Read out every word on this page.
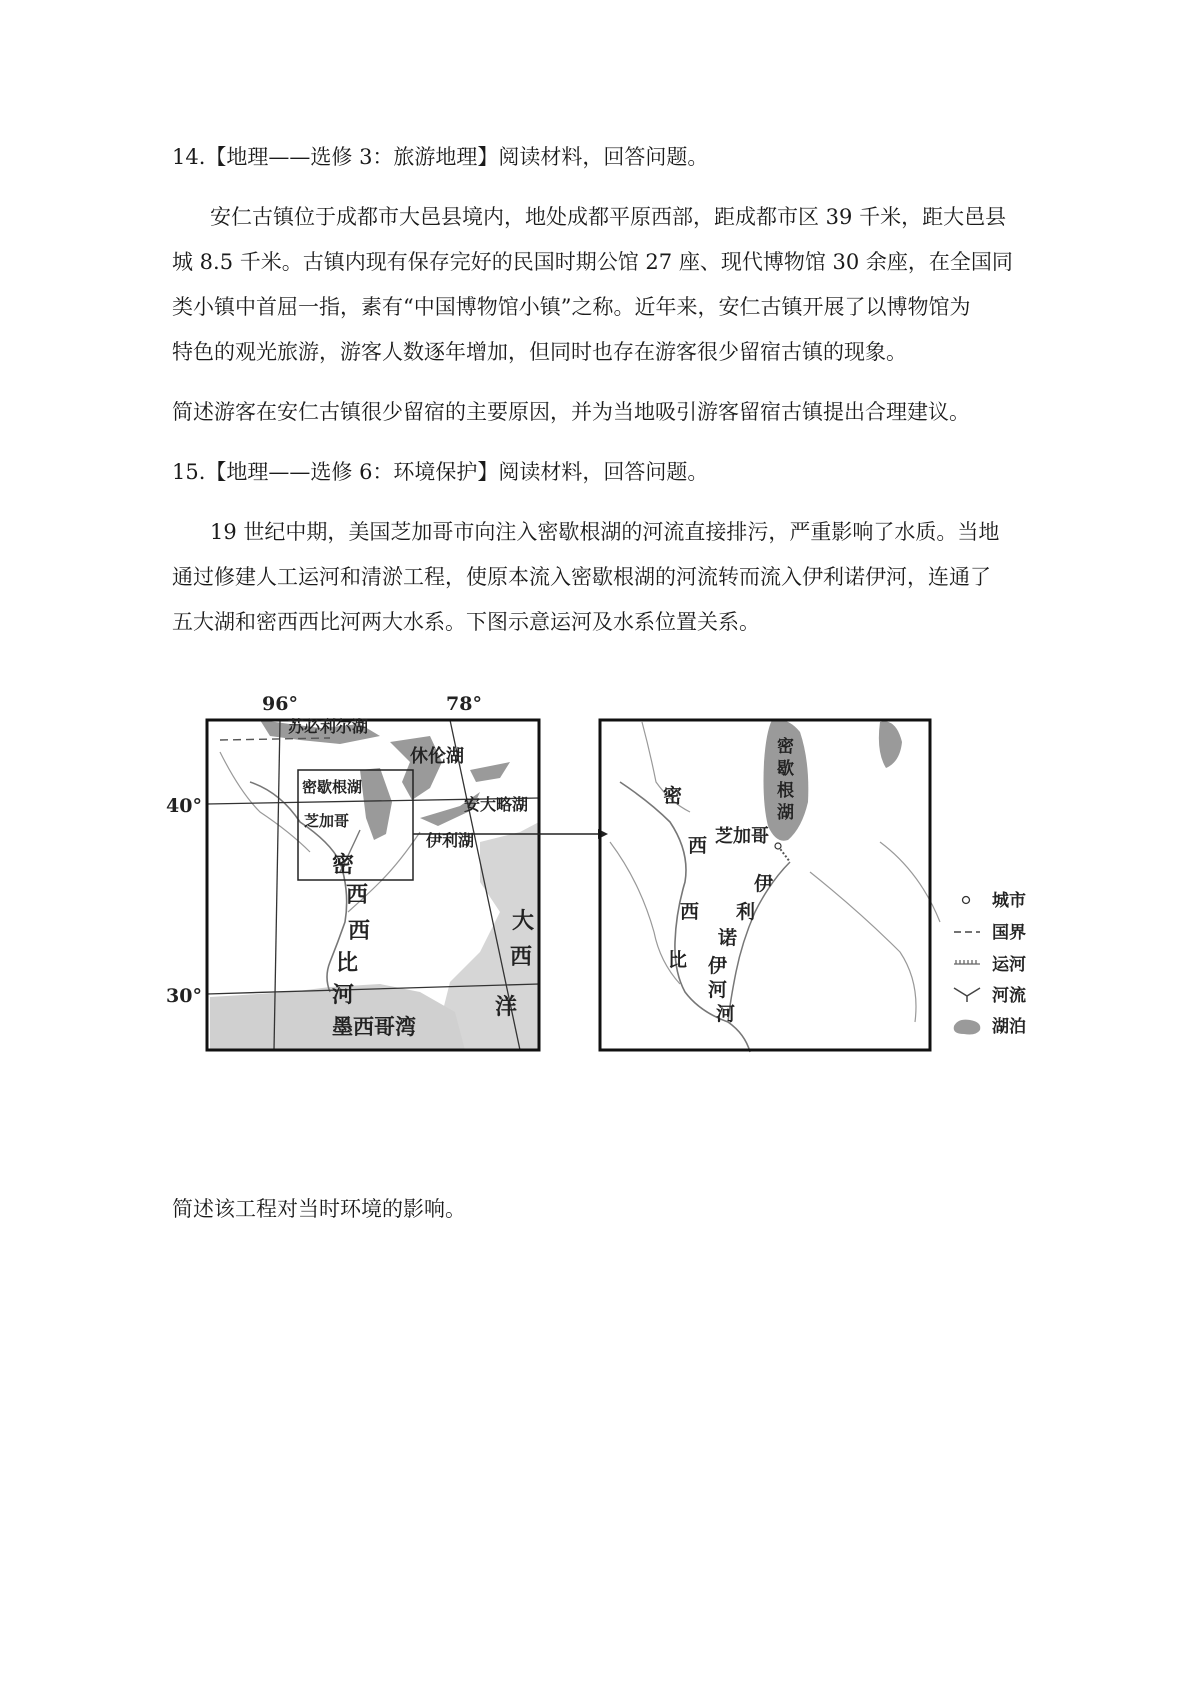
14.【地理——选修 3：旅游地理】阅读材料，回答问题。
安仁古镇位于成都市大邑县境内，地处成都平原西部，距成都市区 39 千米，距大邑县
城 8.5 千米。古镇内现有保存完好的民国时期公馆 27 座、现代博物馆 30 余座，在全国同
类小镇中首屈一指，素有“中国博物馆小镇”之称。近年来，安仁古镇开展了以博物馆为
特色的观光旅游，游客人数逐年增加，但同时也存在游客很少留宿古镇的现象。
简述游客在安仁古镇很少留宿的主要原因，并为当地吸引游客留宿古镇提出合理建议。
15.【地理——选修 6：环境保护】阅读材料，回答问题。
19 世纪中期，美国芝加哥市向注入密歇根湖的河流直接排污，严重影响了水质。当地
通过修建人工运河和清淤工程，使原本流入密歇根湖的河流转而流入伊利诺伊河，连通了
五大湖和密西西比河两大水系。下图示意运河及水系位置关系。
96°	78°
40°
30°
苏必利尔湖
休伦湖
密歇根湖
安大略湖
伊利湖
芝加哥
密
西
西
比
河
大
西
洋
墨西哥湾
密
歇
根
湖
芝加哥
密
西
西
比
伊
利
诺
伊
河
河
城市
国界
运河
河流
湖泊
简述该工程对当时环境的影响。
